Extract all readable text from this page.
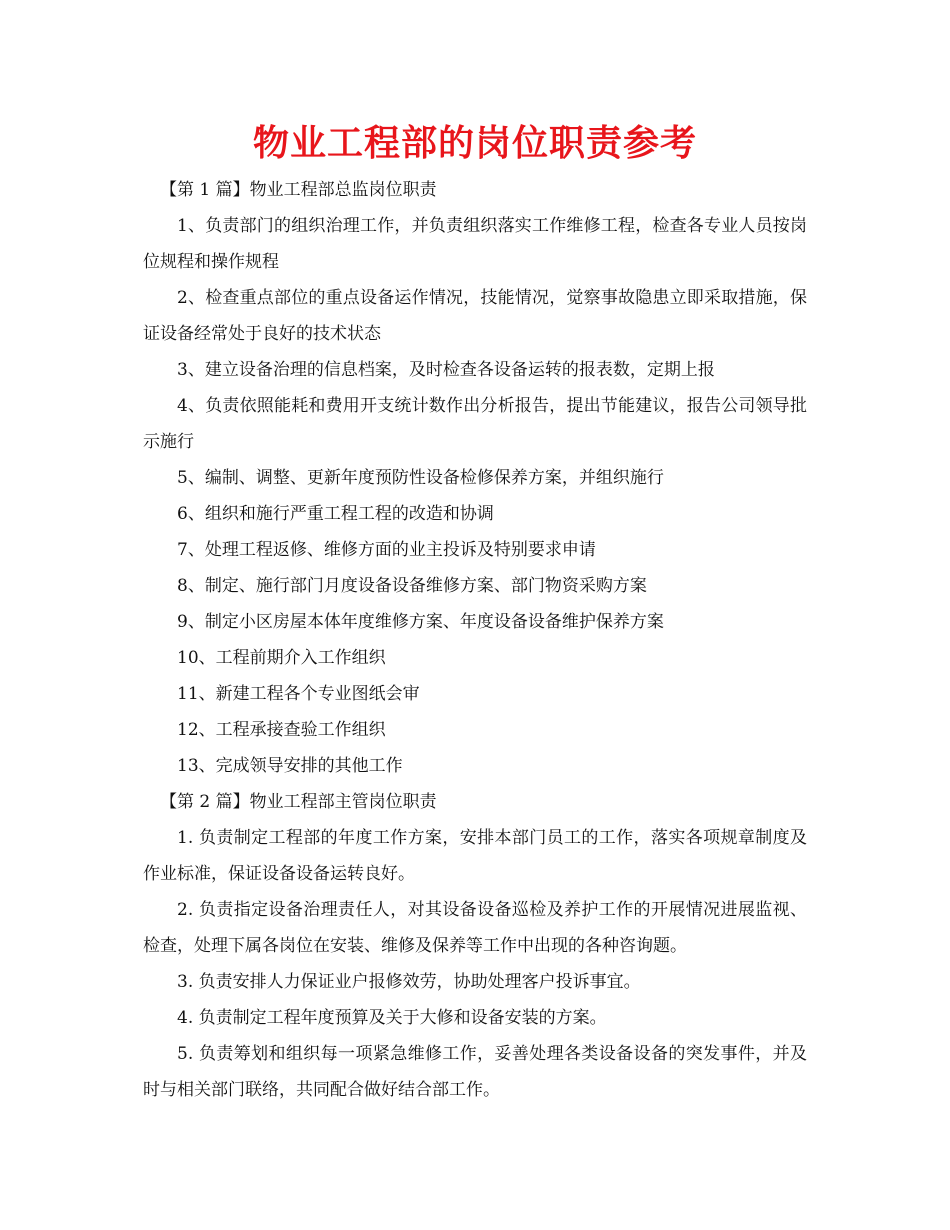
物业工程部的岗位职责参考
【第 1 篇】物业工程部总监岗位职责

1、负责部门的组织治理工作，并负责组织落实工作维修工程，检查各专业人员按岗位规程和操作规程

2、检查重点部位的重点设备运作情况，技能情况，觉察事故隐患立即采取措施，保证设备经常处于良好的技术状态

3、建立设备治理的信息档案，及时检查各设备运转的报表数，定期上报

4、负责依照能耗和费用开支统计数作出分析报告，提出节能建议，报告公司领导批示施行

5、编制、调整、更新年度预防性设备检修保养方案，并组织施行

6、组织和施行严重工程工程的改造和协调

7、处理工程返修、维修方面的业主投诉及特别要求申请

8、制定、施行部门月度设备设备维修方案、部门物资采购方案

9、制定小区房屋本体年度维修方案、年度设备设备维护保养方案

10、工程前期介入工作组织

11、新建工程各个专业图纸会审

12、工程承接查验工作组织

13、完成领导安排的其他工作

【第 2 篇】物业工程部主管岗位职责

1. 负责制定工程部的年度工作方案，安排本部门员工的工作，落实各项规章制度及作业标准，保证设备设备运转良好。

2. 负责指定设备治理责任人，对其设备设备巡检及养护工作的开展情况进展监视、检查，处理下属各岗位在安装、维修及保养等工作中出现的各种咨询题。

3. 负责安排人力保证业户报修效劳，协助处理客户投诉事宜。

4. 负责制定工程年度预算及关于大修和设备安装的方案。

5. 负责筹划和组织每一项紧急维修工作，妥善处理各类设备设备的突发事件，并及时与相关部门联络，共同配合做好结合部工作。
